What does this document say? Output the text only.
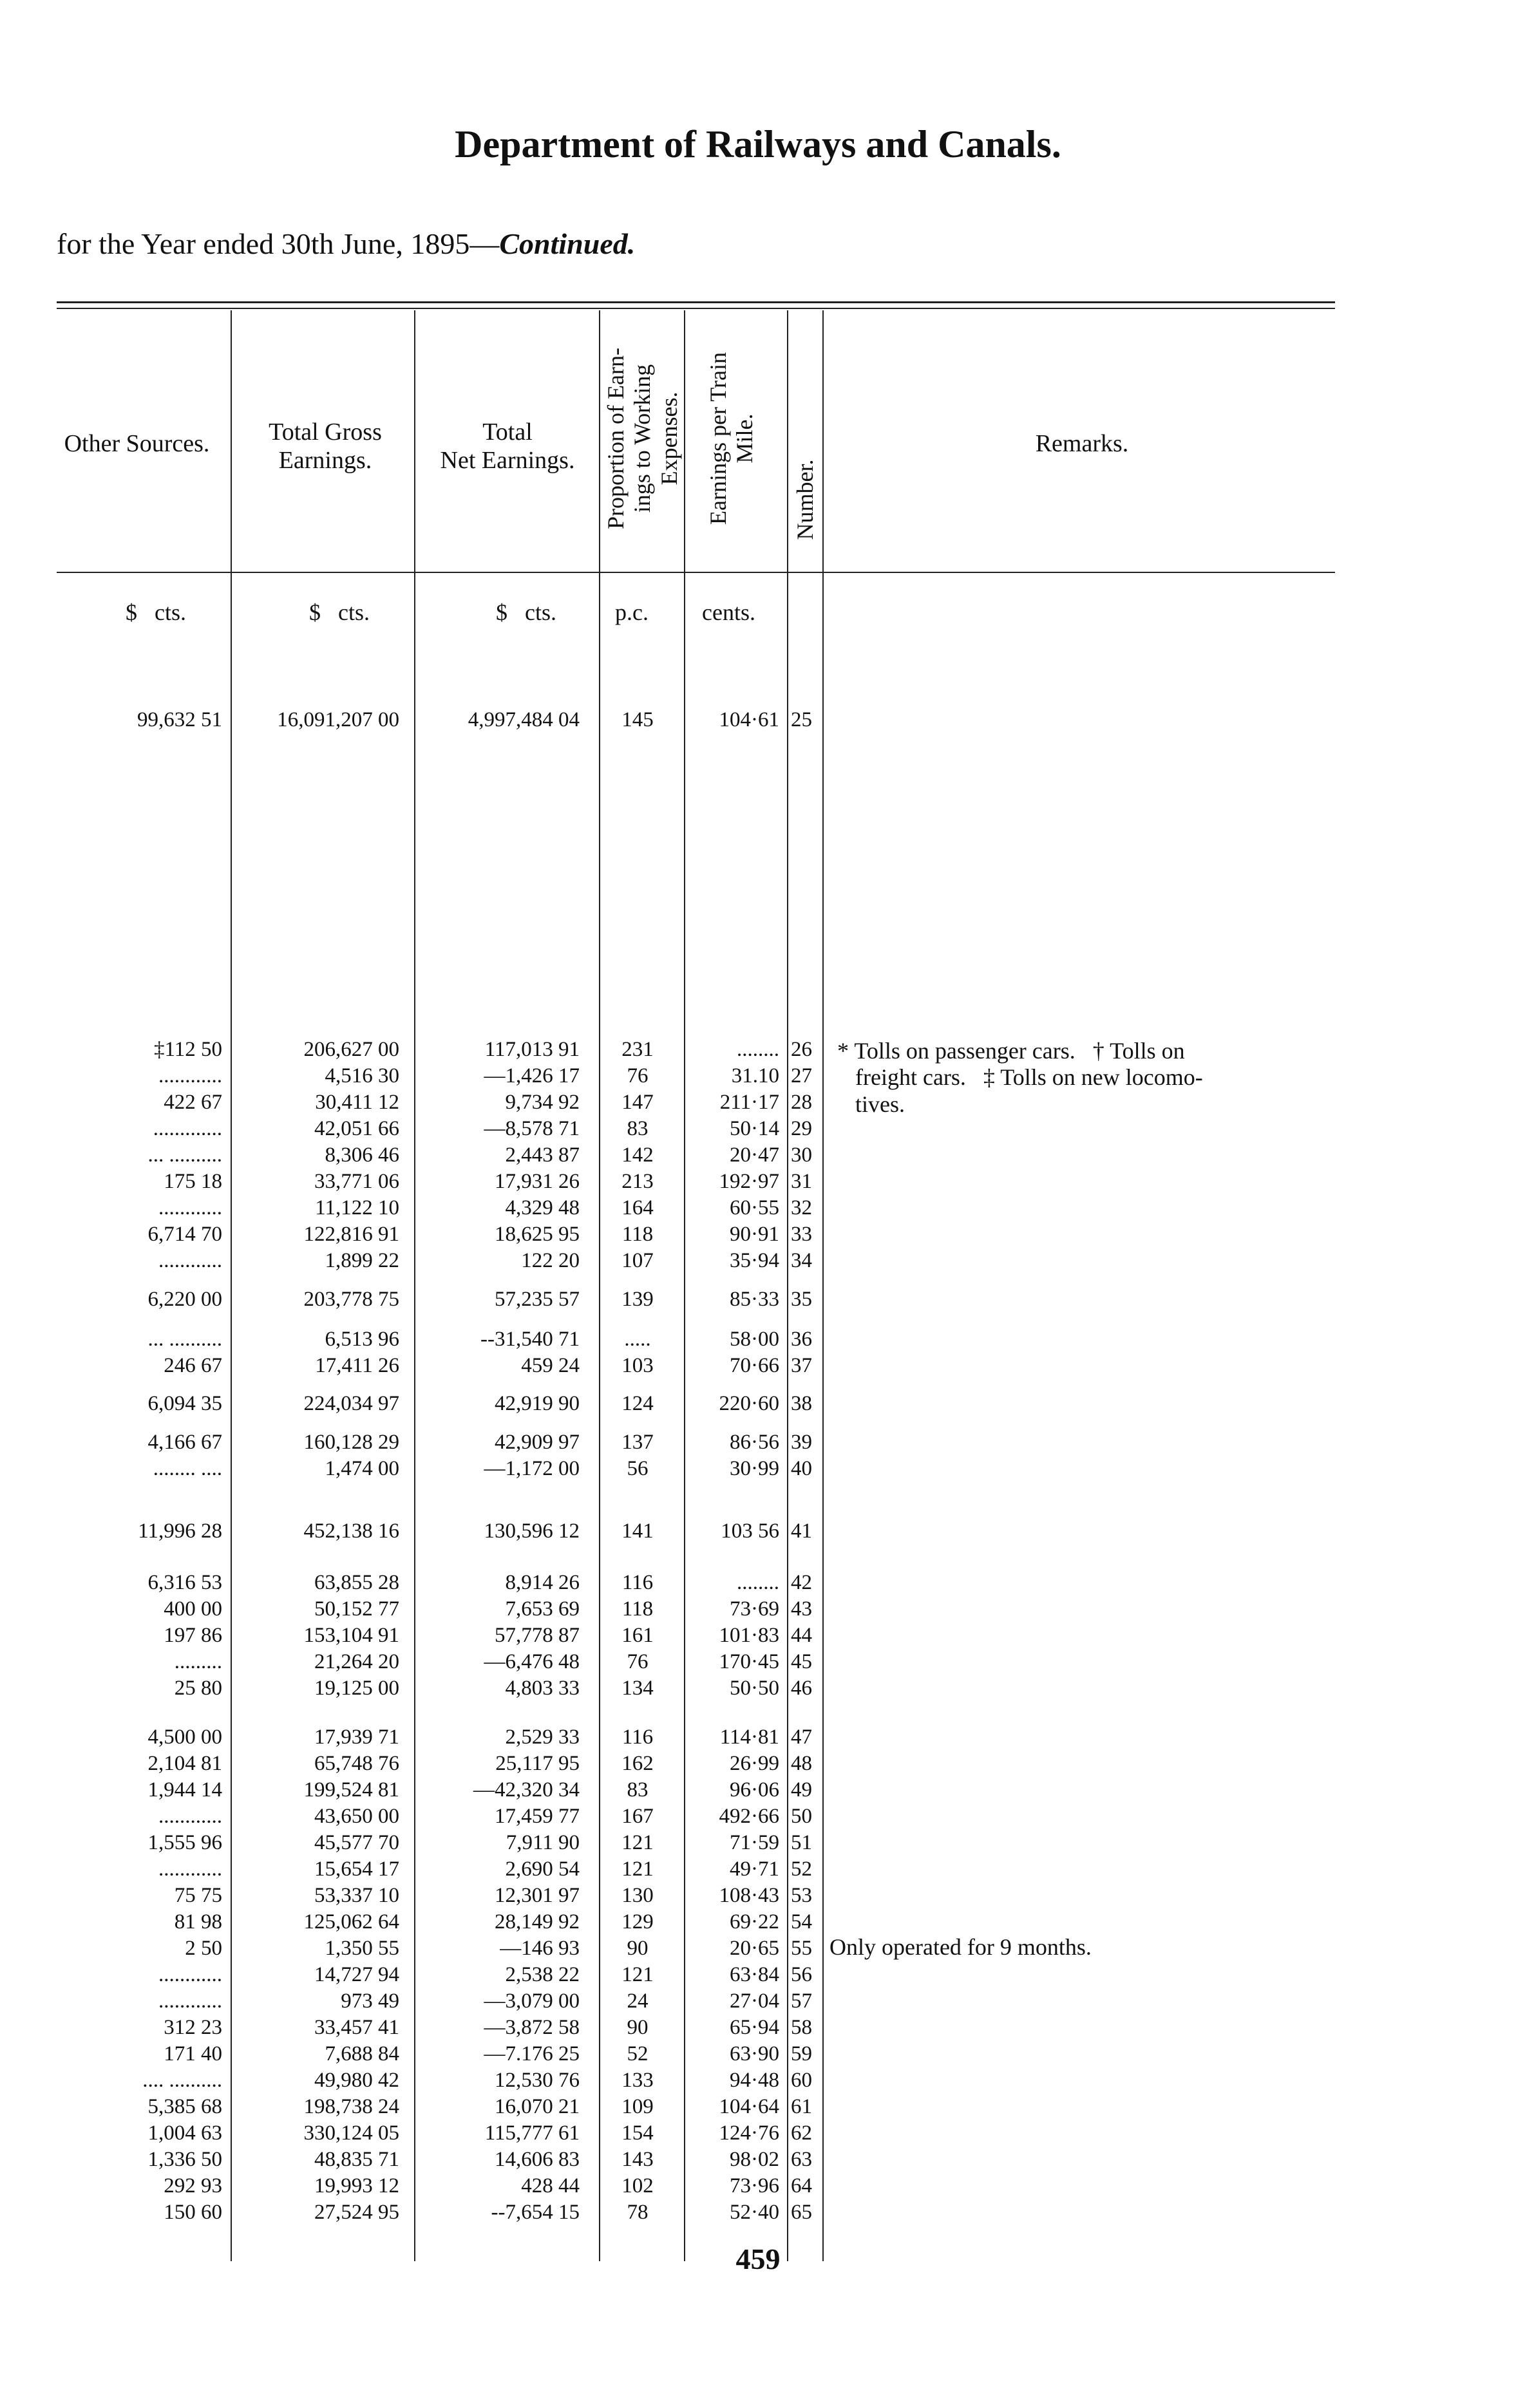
Department of Railways and Canals.
for the Year ended 30th June, 1895—Continued.
Other Sources.	Total Gross
Earnings.
Total
Net Earnings.	Proportion of Earn- ings to Working Expenses. Earnings per Train Mile.
Number.
Remarks.
$   cts.	$   cts.	$   cts.	p.c. cents.
99,632 51	16,091,207 00	4,997,484 04	145	104·61 25
‡112 50	206,627 00	117,013 91	231	........ 26
............	4,516 30	—1,426 17	76	31.10 27
422 67	30,411 12	9,734 92	147	211·17 28
.............	42,051 66	—8,578 71	83	50·14 29
... ..........	8,306 46	2,443 87	142	20·47 30
175 18	33,771 06	17,931 26	213	192·97 31
............	11,122 10	4,329 48	164	60·55 32
6,714 70	122,816 91	18,625 95	118	90·91 33
............	1,899 22	122 20	107	35·94 34
6,220 00	203,778 75	57,235 57	139	85·33 35
... ..........	6,513 96	--31,540 71	.....	58·00 36
246 67	17,411 26	459 24	103	70·66 37
6,094 35	224,034 97	42,919 90	124	220·60 38
4,166 67	160,128 29	42,909 97	137	86·56 39
........ ....	1,474 00	—1,172 00	56	30·99 40
11,996 28	452,138 16	130,596 12	141	103 56 41
6,316 53	63,855 28	8,914 26	116	........ 42
400 00	50,152 77	7,653 69	118	73·69 43
197 86	153,104 91	57,778 87	161	101·83 44
.........	21,264 20	—6,476 48	76	170·45 45
25 80	19,125 00	4,803 33	134	50·50 46
4,500 00	17,939 71	2,529 33	116	114·81 47
2,104 81	65,748 76	25,117 95	162	26·99 48
1,944 14	199,524 81	—42,320 34	83	96·06 49
............	43,650 00	17,459 77	167	492·66 50
1,555 96	45,577 70	7,911 90	121	71·59 51
............	15,654 17	2,690 54	121	49·71 52
75 75	53,337 10	12,301 97	130	108·43 53
81 98	125,062 64	28,149 92	129	69·22 54
2 50	1,350 55	—146 93	90	20·65 55
............	14,727 94	2,538 22	121	63·84 56
............	973 49	—3,079 00	24	27·04 57
312 23	33,457 41	—3,872 58	90	65·94 58
171 40	7,688 84	—7.176 25	52	63·90 59
.... ..........	49,980 42	12,530 76	133	94·48 60
5,385 68	198,738 24	16,070 21	109	104·64 61
1,004 63	330,124 05	115,777 61	154	124·76 62
1,336 50	48,835 71	14,606 83	143	98·02 63
292 93	19,993 12	428 44	102	73·96 64
150 60	27,524 95	--7,654 15	78	52·40 65
* Tolls on passenger cars.   † Tolls on
freight cars.   ‡ Tolls on new locomo-
tives.
Only operated for 9 months.
459
